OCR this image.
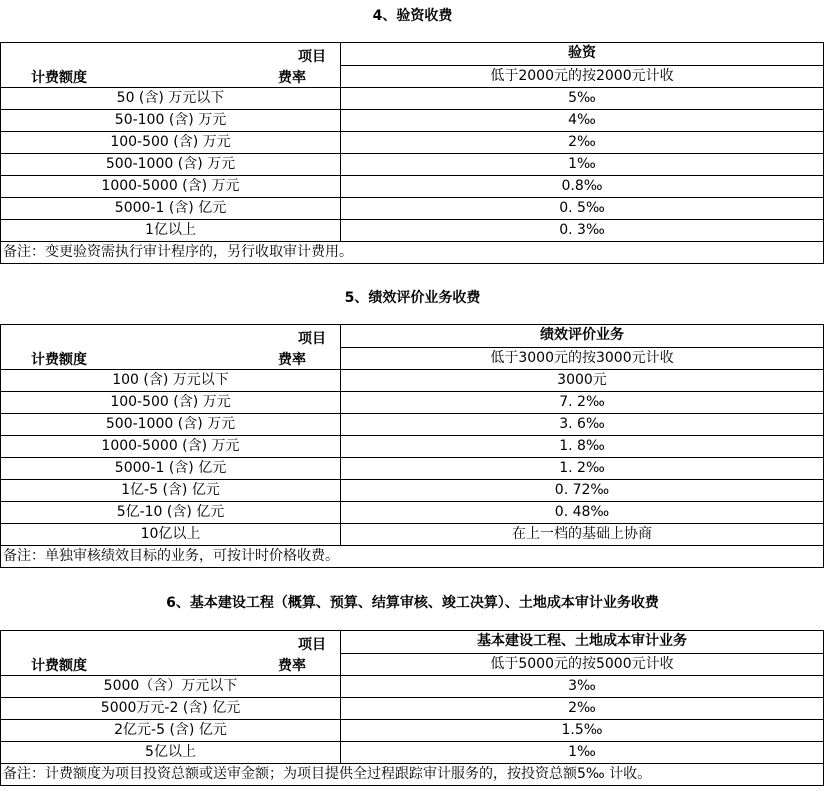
4、验资收费
项目
费率
计费额度	验资
	低于2000元的按2000元计收
50 (含) 万元以下	5‰
50-100 (含) 万元	4‰
100-500 (含) 万元	2‰
500-1000 (含) 万元	1‰
1000-5000 (含) 万元	0.8‰
5000-1 (含) 亿元	0. 5‰
1亿以上	0. 3‰
备注：变更验资需执行审计程序的，另行收取审计费用。	
5、绩效评价业务收费
项目
费率
计费额度	绩效评价业务
	低于3000元的按3000元计收
100 (含) 万元以下	3000元
100-500 (含) 万元	7. 2‰
500-1000 (含) 万元	3. 6‰
1000-5000 (含) 万元	1. 8‰
5000-1 (含) 亿元	1. 2‰
1亿-5 (含) 亿元	0. 72‰
5亿-10 (含) 亿元	0. 48‰
10亿以上	在上一档的基础上协商
备注：单独审核绩效目标的业务，可按计时价格收费。	
6、基本建设工程（概算、预算、结算审核、竣工决算）、土地成本审计业务收费
项目
费率
计费额度	基本建设工程、土地成本审计业务
	低于5000元的按5000元计收
5000（含）万元以下	3‰
5000万元-2 (含) 亿元	2‰
2亿元-5 (含) 亿元	1.5‰
5亿以上	1‰
备注：计费额度为项目投资总额或送审金额；为项目提供全过程跟踪审计服务的，按投资总额5‰ 计收。	
